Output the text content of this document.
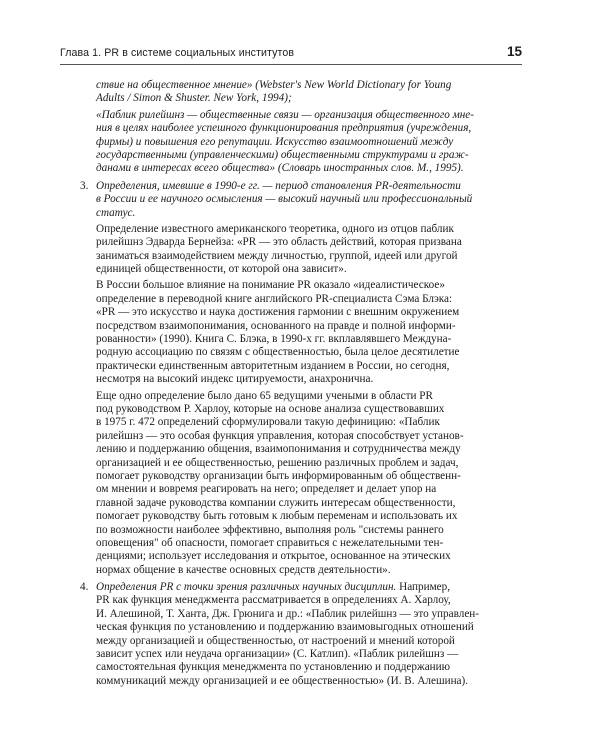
Глава 1. PR в системе социальных институтов	15
ствие на общественное мнение» (Webster's New World Dictionary for Young
Adults / Simon & Shuster. New York, 1994);
«Паблик рилейшнз — общественные связи — организация общественного мне-
ния в целях наиболее успешного функционирования предприятия (учреждения,
фирмы) и повышения его репутации. Искусство взаимоотношений между
государственными (управленческими) общественными структурами и граж-
данами в интересах всего общества» (Словарь иностранных слов. М., 1995).
3. Определения, имевшие в 1990-е гг. — период становления PR-деятельности
в России и ее научного осмысления — высокий научный или профессиональный
статус.
Определение известного американского теоретика, одного из отцов паблик
рилейшнз Эдварда Бернейза: «PR — это область действий, которая призвана
заниматься взаимодействием между личностью, группой, идеей или другой
единицей общественности, от которой она зависит».
В России большое влияние на понимание PR оказало «идеалистическое»
определение в переводной книге английского PR-специалиста Сэма Блэка:
«PR — это искусство и наука достижения гармонии с внешним окружением
посредством взаимопонимания, основанного на правде и полной информи-
рованности» (1990). Книга С. Блэка, в 1990-х гг. вкплавлявшего Междуна-
родную ассоциацию по связям с общественностью, была целое десятилетие
практически единственным авторитетным изданием в России, но сегодня,
несмотря на высокий индекс цитируемости, анахронична.
Еще одно определение было дано 65 ведущими учеными в области PR
под руководством Р. Харлоу, которые на основе анализа существовавших
в 1975 г. 472 определений сформулировали такую дефиницию: «Паблик
рилейшнз — это особая функция управления, которая способствует установ-
лению и поддержанию общения, взаимопонимания и сотрудничества между
организацией и ее общественностью, решению различных проблем и задач,
помогает руководству организации быть информированным об общественн-
ом мнении и вовремя реагировать на него; определяет и делает упор на
главной задаче руководства компании служить интересам общественности,
помогает руководству быть готовым к любым переменам и использовать их
по возможности наиболее эффективно, выполняя роль "системы раннего
оповещения" об опасности, помогает справиться с нежелательными тен-
денциями; использует исследования и открытое, основанное на этических
нормах общение в качестве основных средств деятельности».
4. Определения PR с точки зрения различных научных дисциплин. Например,
PR как функция менеджмента рассматривается в определениях А. Харлоу,
И. Алешиной, Т. Ханта, Дж. Грюнига и др.: «Паблик рилейшнз — это управлен-
ческая функция по установлению и поддержанию взаимовыгодных отношений
между организацией и общественностью, от настроений и мнений которой
зависит успех или неудача организации» (С. Катлип). «Паблик рилейшнз —
самостоятельная функция менеджмента по установлению и поддержанию
коммуникаций между организацией и ее общественностью» (И. В. Алешина).
